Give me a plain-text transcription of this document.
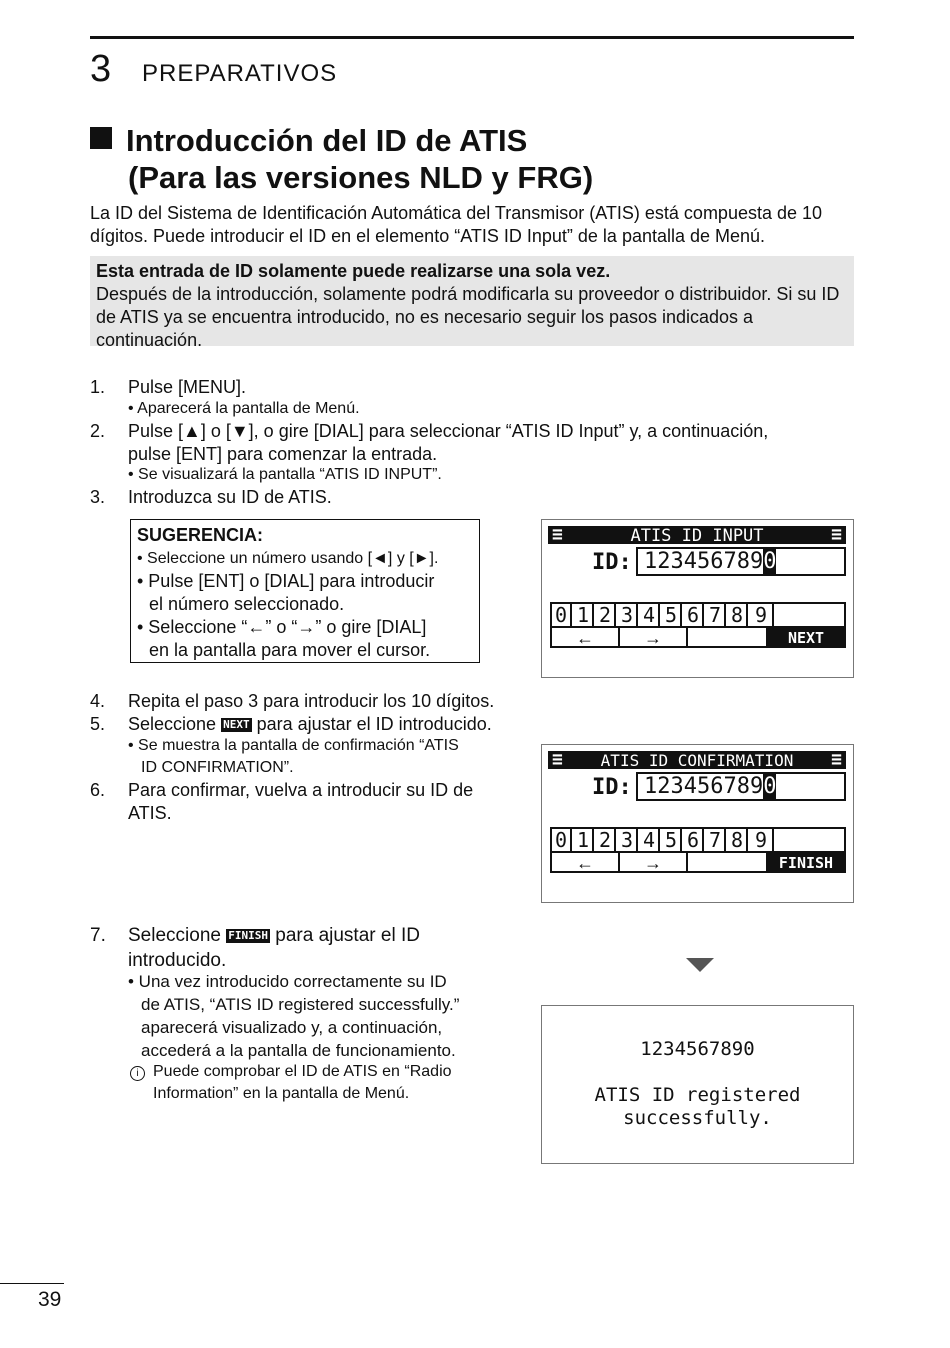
3 PREPARATIVOS
Introducción del ID de ATIS
(Para las versiones NLD y FRG)
La ID del Sistema de Identificación Automática del Transmisor (ATIS) está compuesta de 10 dígitos. Puede introducir el ID en el elemento “ATIS ID Input” de la pantalla de Menú.
Esta entrada de ID solamente puede realizarse una sola vez.
Después de la introducción, solamente podrá modificarla su proveedor o distribuidor. Si su ID de ATIS ya se encuentra introducido, no es necesario seguir los pasos indicados a continuación.
1. Pulse [MENU].
• Aparecerá la pantalla de Menú.
2. Pulse [▲] o [▼], o gire [DIAL] para seleccionar “ATIS ID Input” y, a continuación,
pulse [ENT] para comenzar la entrada.
• Se visualizará la pantalla “ATIS ID INPUT”.
3. Introduzca su ID de ATIS.
SUGERENCIA:
• Seleccione un número usando [◄] y [►].
• Pulse [ENT] o [DIAL] para introducir
el número seleccionado.
• Seleccione “←” o “→” o gire [DIAL]
en la pantalla para mover el cursor.
≡	ATIS ID INPUT	≡
ID: 1234567890
0 1 2 3 4 5 6 7 8 9
←	→	NEXT
4. Repita el paso 3 para introducir los 10 dígitos.
5. Seleccione NEXT para ajustar el ID introducido.
• Se muestra la pantalla de confirmación “ATIS
ID CONFIRMATION”.
6. Para confirmar, vuelva a introducir su ID de
ATIS.
≡ ATIS ID CONFIRMATION ≡
ID: 1234567890
0 1 2 3 4 5 6 7 8 9
←	→	FINISH
7. Seleccione FINISH para ajustar el ID
introducido.
• Una vez introducido correctamente su ID
de ATIS, “ATIS ID registered successfully.”
aparecerá visualizado y, a continuación,
accederá a la pantalla de funcionamiento.
i Puede comprobar el ID de ATIS en “Radio
Information” en la pantalla de Menú.
1234567890
ATIS ID registered
successfully.
39
